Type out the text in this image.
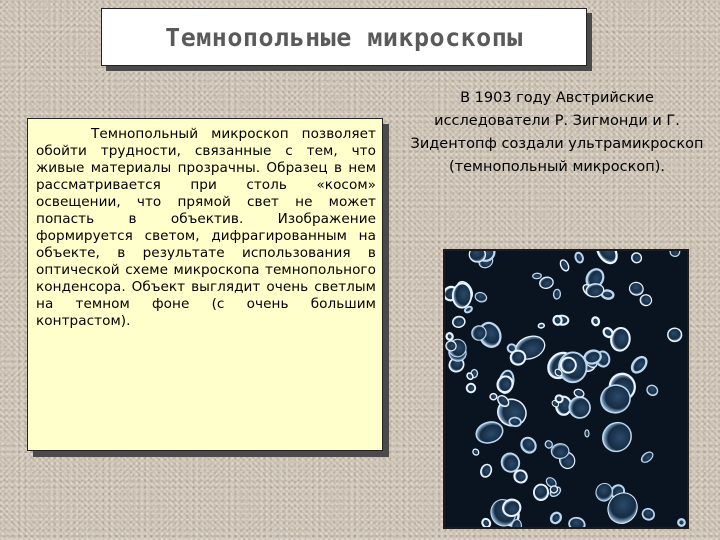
Темнопольные микроскопы

Темнопольный микроскоп позволяет обойти трудности, связанные с тем, что живые материалы прозрачны. Образец в нем рассматривается при столь «косом» освещении, что прямой свет не может попасть в объектив. Изображение формируется светом, дифрагированным на объекте, в результате использования в оптической схеме микроскопа темнопольного конденсора. Объект выглядит очень светлым на темном фоне (с очень большим контрастом).

В 1903 году Австрийские исследователи Р. Зигмонди и Г. Зидентопф создали ультрамикроскоп (темнопольный микроскоп).
